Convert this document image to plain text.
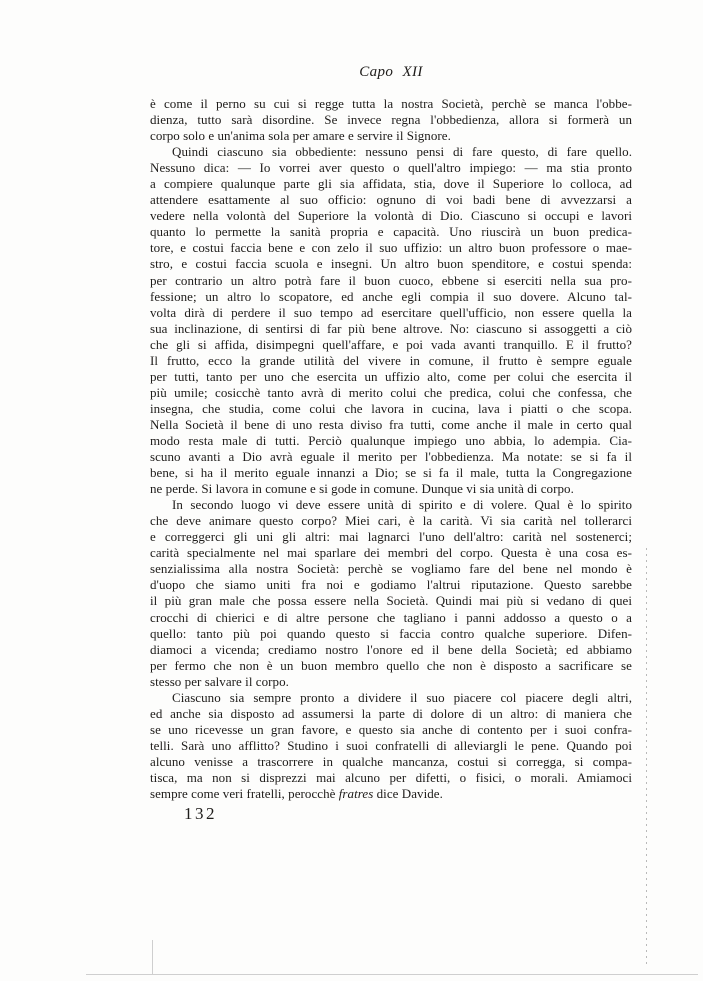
Capo XII
è come il perno su cui si regge tutta la nostra Società, perchè se manca l'obbe-
dienza, tutto sarà disordine. Se invece regna l'obbedienza, allora si formerà un
corpo solo e un'anima sola per amare e servire il Signore.
Quindi ciascuno sia obbediente: nessuno pensi di fare questo, di fare quello.
Nessuno dica: — Io vorrei aver questo o quell'altro impiego: — ma stia pronto
a compiere qualunque parte gli sia affidata, stia, dove il Superiore lo colloca, ad
attendere esattamente al suo officio: ognuno di voi badi bene di avvezzarsi a
vedere nella volontà del Superiore la volontà di Dio. Ciascuno si occupi e lavori
quanto lo permette la sanità propria e capacità. Uno riuscirà un buon predica-
tore, e costui faccia bene e con zelo il suo uffizio: un altro buon professore o mae-
stro, e costui faccia scuola e insegni. Un altro buon spenditore, e costui spenda:
per contrario un altro potrà fare il buon cuoco, ebbene si eserciti nella sua pro-
fessione; un altro lo scopatore, ed anche egli compia il suo dovere. Alcuno tal-
volta dirà di perdere il suo tempo ad esercitare quell'ufficio, non essere quella la
sua inclinazione, di sentirsi di far più bene altrove. No: ciascuno si assoggetti a ciò
che gli si affida, disimpegni quell'affare, e poi vada avanti tranquillo. E il frutto?
Il frutto, ecco la grande utilità del vivere in comune, il frutto è sempre eguale
per tutti, tanto per uno che esercita un uffizio alto, come per colui che esercita il
più umile; cosicchè tanto avrà di merito colui che predica, colui che confessa, che
insegna, che studia, come colui che lavora in cucina, lava i piatti o che scopa.
Nella Società il bene di uno resta diviso fra tutti, come anche il male in certo qual
modo resta male di tutti. Perciò qualunque impiego uno abbia, lo adempia. Cia-
scuno avanti a Dio avrà eguale il merito per l'obbedienza. Ma notate: se si fa il
bene, si ha il merito eguale innanzi a Dio; se si fa il male, tutta la Congregazione
ne perde. Si lavora in comune e si gode in comune. Dunque vi sia unità di corpo.
In secondo luogo vi deve essere unità di spirito e di volere. Qual è lo spirito
che deve animare questo corpo? Miei cari, è la carità. Vi sia carità nel tollerarci
e correggerci gli uni gli altri: mai lagnarci l'uno dell'altro: carità nel sostenerci;
carità specialmente nel mai sparlare dei membri del corpo. Questa è una cosa es-
senzialissima alla nostra Società: perchè se vogliamo fare del bene nel mondo è
d'uopo che siamo uniti fra noi e godiamo l'altrui riputazione. Questo sarebbe
il più gran male che possa essere nella Società. Quindi mai più si vedano di quei
crocchi di chierici e di altre persone che tagliano i panni addosso a questo o a
quello: tanto più poi quando questo si faccia contro qualche superiore. Difen-
diamoci a vicenda; crediamo nostro l'onore ed il bene della Società; ed abbiamo
per fermo che non è un buon membro quello che non è disposto a sacrificare se
stesso per salvare il corpo.
Ciascuno sia sempre pronto a dividere il suo piacere col piacere degli altri,
ed anche sia disposto ad assumersi la parte di dolore di un altro: di maniera che
se uno ricevesse un gran favore, e questo sia anche di contento per i suoi confra-
telli. Sarà uno afflitto? Studino i suoi confratelli di alleviargli le pene. Quando poi
alcuno venisse a trascorrere in qualche mancanza, costui si corregga, si compa-
tisca, ma non si disprezzi mai alcuno per difetti, o fisici, o morali. Amiamoci
sempre come veri fratelli, perocchè fratres dice Davide.
132
